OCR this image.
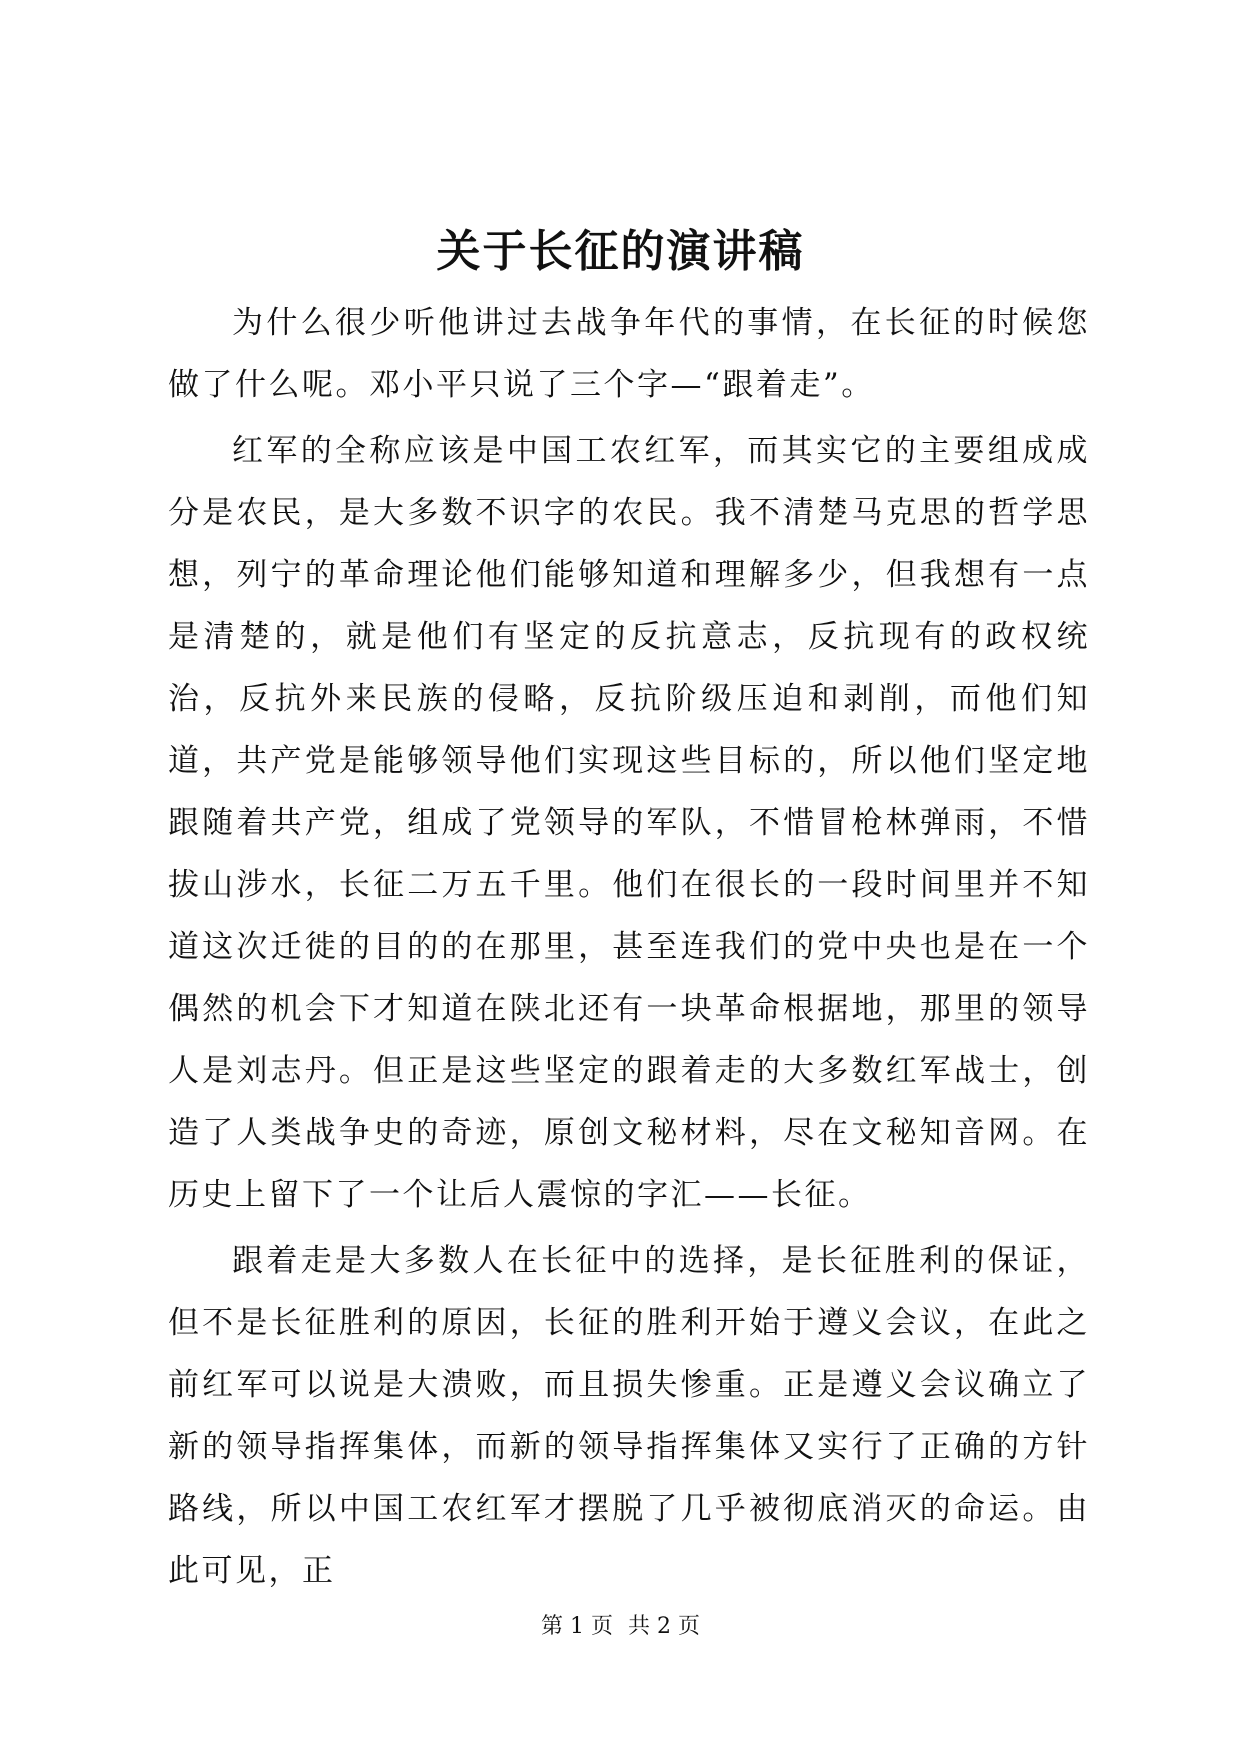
关于长征的演讲稿

为什么很少听他讲过去战争年代的事情，在长征的时候您做了什么呢。邓小平只说了三个字—“跟着走”。

红军的全称应该是中国工农红军，而其实它的主要组成成分是农民，是大多数不识字的农民。我不清楚马克思的哲学思想，列宁的革命理论他们能够知道和理解多少，但我想有一点是清楚的，就是他们有坚定的反抗意志，反抗现有的政权统治，反抗外来民族的侵略，反抗阶级压迫和剥削，而他们知道，共产党是能够领导他们实现这些目标的，所以他们坚定地跟随着共产党，组成了党领导的军队，不惜冒枪林弹雨，不惜拔山涉水，长征二万五千里。他们在很长的一段时间里并不知道这次迁徙的目的的在那里，甚至连我们的党中央也是在一个偶然的机会下才知道在陕北还有一块革命根据地，那里的领导人是刘志丹。但正是这些坚定的跟着走的大多数红军战士，创造了人类战争史的奇迹，原创文秘材料，尽在文秘知音网。在历史上留下了一个让后人震惊的字汇——长征。

跟着走是大多数人在长征中的选择，是长征胜利的保证，但不是长征胜利的原因，长征的胜利开始于遵义会议，在此之前红军可以说是大溃败，而且损失惨重。正是遵义会议确立了新的领导指挥集体，而新的领导指挥集体又实行了正确的方针路线，所以中国工农红军才摆脱了几乎被彻底消灭的命运。由此可见，正

第 1 页 共 2 页
